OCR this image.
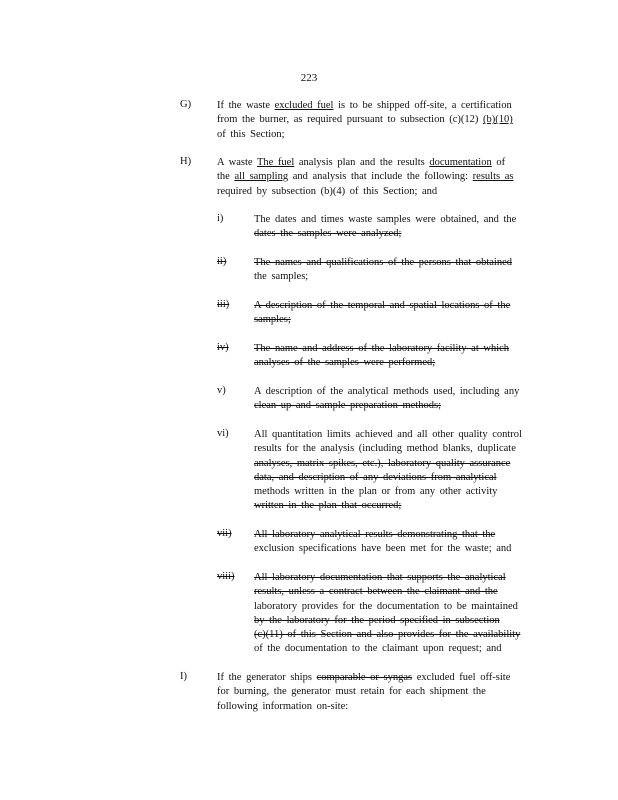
223
G) If the waste excluded fuel is to be shipped off-site, a certification
from the burner, as required pursuant to subsection (c)(12) (b)(10)
of this Section;
H) A waste The fuel analysis plan and the results documentation of
the all sampling and analysis that include the following: results as
required by subsection (b)(4) of this Section; and
i)	The dates and times waste samples were obtained, and the
dates the samples were analyzed;
ii)	The names and qualifications of the persons that obtained
the samples;
iii) A description of the temporal and spatial locations of the
samples;
iv) The name and address of the laboratory facility at which
analyses of the samples were performed;
v)	A description of the analytical methods used, including any
clean up and sample preparation methods;
vi) All quantitation limits achieved and all other quality control
results for the analysis (including method blanks, duplicate
analyses, matrix spikes, etc.), laboratory quality assurance
data, and description of any deviations from analytical
methods written in the plan or from any other activity
written in the plan that occurred;
vii) All laboratory analytical results demonstrating that the
exclusion specifications have been met for the waste; and
viii) All laboratory documentation that supports the analytical
results, unless a contract between the claimant and the
laboratory provides for the documentation to be maintained
by the laboratory for the period specified in subsection
(c)(11) of this Section and also provides for the availability
of the documentation to the claimant upon request; and
I)	If the generator ships comparable or syngas excluded fuel off-site
for burning, the generator must retain for each shipment the
following information on-site:
